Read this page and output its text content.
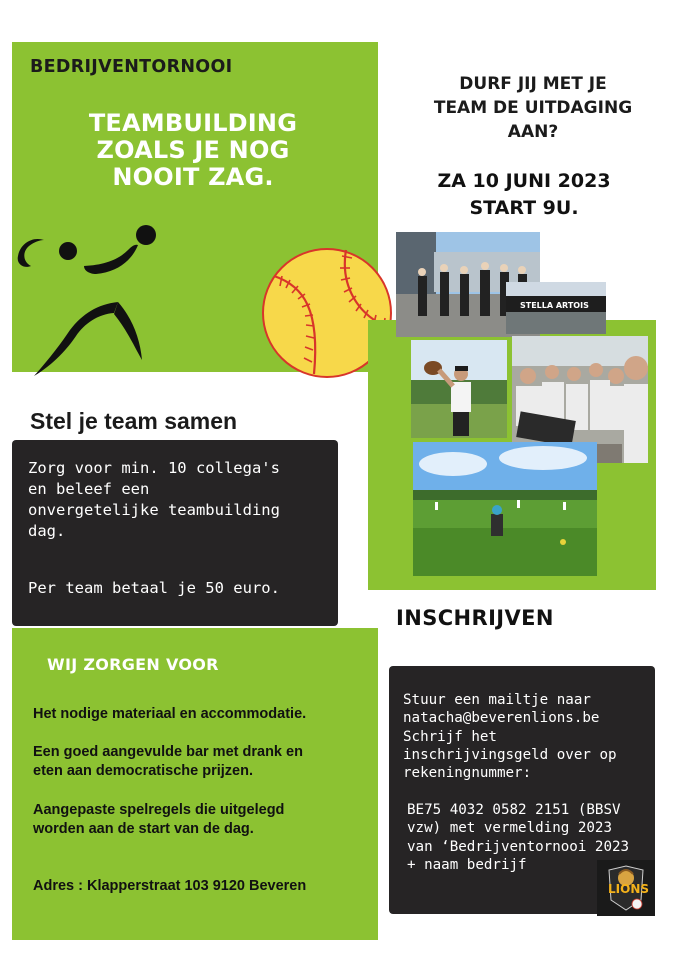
BEDRIJVENTORNOOI
TEAMBUILDING
ZOALS JE NOG
NOOIT ZAG.
DURF JIJ MET JE
TEAM DE UITDAGING
AAN?
ZA 10 JUNI 2023
START 9U.
STELLA ARTOIS
Stel je team samen
Zorg voor min. 10 collega's
en beleef een
onvergetelijke teambuilding
dag.
Per team betaal je 50 euro.
WIJ ZORGEN VOOR
Het nodige materiaal en accommodatie.
Een goed aangevulde bar met drank en
eten aan democratische prijzen.
Aangepaste spelregels die uitgelegd
worden aan de start van de dag.
Adres : Klapperstraat 103 9120 Beveren
INSCHRIJVEN
Stuur een mailtje naar
natacha@beverenlions.be
Schrijf het
inschrijvingsgeld over op
rekeningnummer:
BE75 4032 0582 2151 (BBSV
vzw) met vermelding 2023
van ‘Bedrijventornooi 2023
+ naam bedrijf
LIONS
